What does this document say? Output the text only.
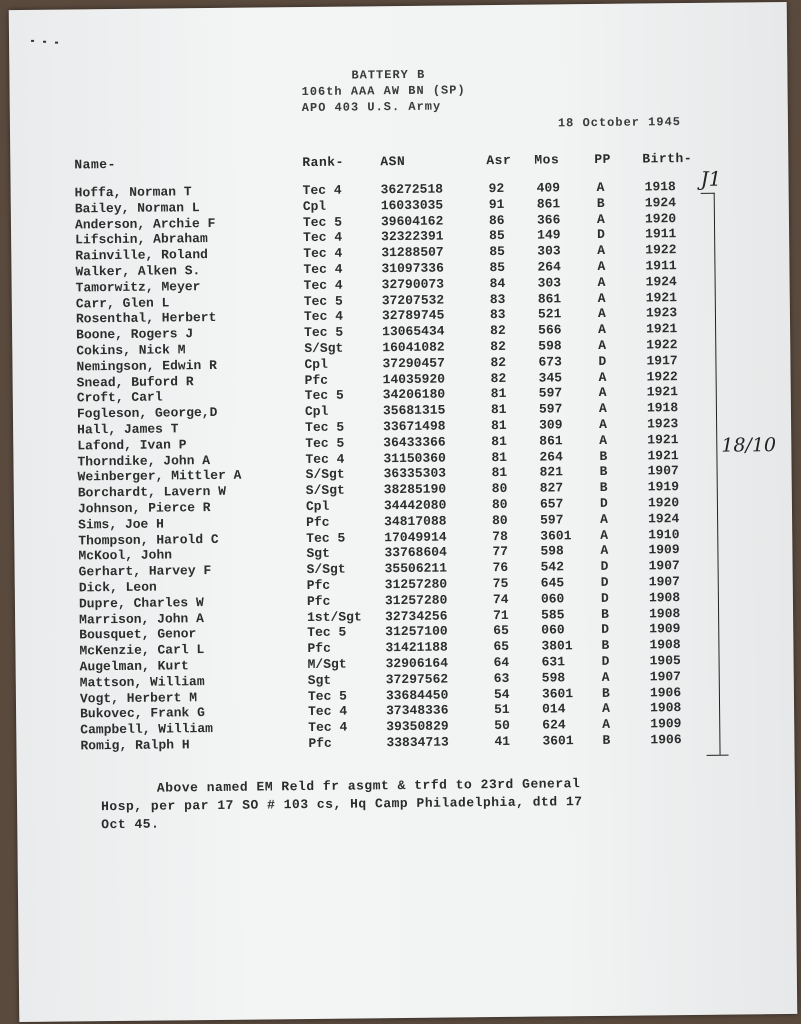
BATTERY B
106th AAA AW BN (SP)
APO 403 U.S. Army
18 October 1945
Name-	Rank-	ASN	Asr Mos	PP Birth-
Hoffa, Norman T	Tec 4	36272518	92 409	A	1918
Bailey, Norman L	Cpl	16033035	91 861	B	1924
Anderson, Archie F	Tec 5	39604162	86 366	A	1920
Lifschin, Abraham	Tec 4	32322391	85 149	D	1911
Rainville, Roland	Tec 4	31288507	85 303	A	1922
Walker, Alken S.	Tec 4	31097336	85 264	A	1911
Tamorwitz, Meyer	Tec 4	32790073	84 303	A	1924
Carr, Glen L	Tec 5	37207532	83 861	A	1921
Rosenthal, Herbert	Tec 4	32789745	83 521	A	1923
Boone, Rogers J	Tec 5	13065434	82 566	A	1921
Cokins, Nick M	S/Sgt	16041082	82 598	A	1922
Nemingson, Edwin R	Cpl	37290457	82 673	D	1917
Snead, Buford R	Pfc	14035920	82 345	A	1922
Croft, Carl	Tec 5	34206180	81 597	A	1921
Fogleson, George,D	Cpl	35681315	81 597	A	1918
Hall, James T	Tec 5	33671498	81 309	A	1923
Lafond, Ivan P	Tec 5	36433366	81 861	A	1921
Thorndike, John A	Tec 4	31150360	81 264	B	1921
Weinberger, Mittler A	S/Sgt	36335303	81 821	B	1907
Borchardt, Lavern W	S/Sgt	38285190	80 827	B	1919
Johnson, Pierce R	Cpl	34442080	80 657	D	1920
Sims, Joe H	Pfc	34817088	80 597	A	1924
Thompson, Harold C	Tec 5	17049914	78 3601 A	1910
McKool, John	Sgt	33768604	77 598	A	1909
Gerhart, Harvey F	S/Sgt	35506211	76 542	D	1907
Dick, Leon	Pfc	31257280	75 645	D	1907
Dupre, Charles W	Pfc	31257280	74 060	D	1908
Marrison, John A	1st/Sgt 32734256	71 585	B	1908
Bousquet, Genor	Tec 5	31257100	65 060	D	1909
McKenzie, Carl L	Pfc	31421188	65 3801 B	1908
Augelman, Kurt	M/Sgt	32906164	64 631	D	1905
Mattson, William	Sgt	37297562	63 598	A	1907
Vogt, Herbert M	Tec 5	33684450	54 3601 B	1906
Bukovec, Frank G	Tec 4	37348336	51 014	A	1908
Campbell, William	Tec 4	39350829	50 624	A	1909
Romig, Ralph H	Pfc	33834713	41 3601 B	1906
J1
18/10
Above named EM Reld fr asgmt & trfd to 23rd General
Hosp, per par 17 SO # 103 cs, Hq Camp Philadelphia, dtd 17
Oct 45.
